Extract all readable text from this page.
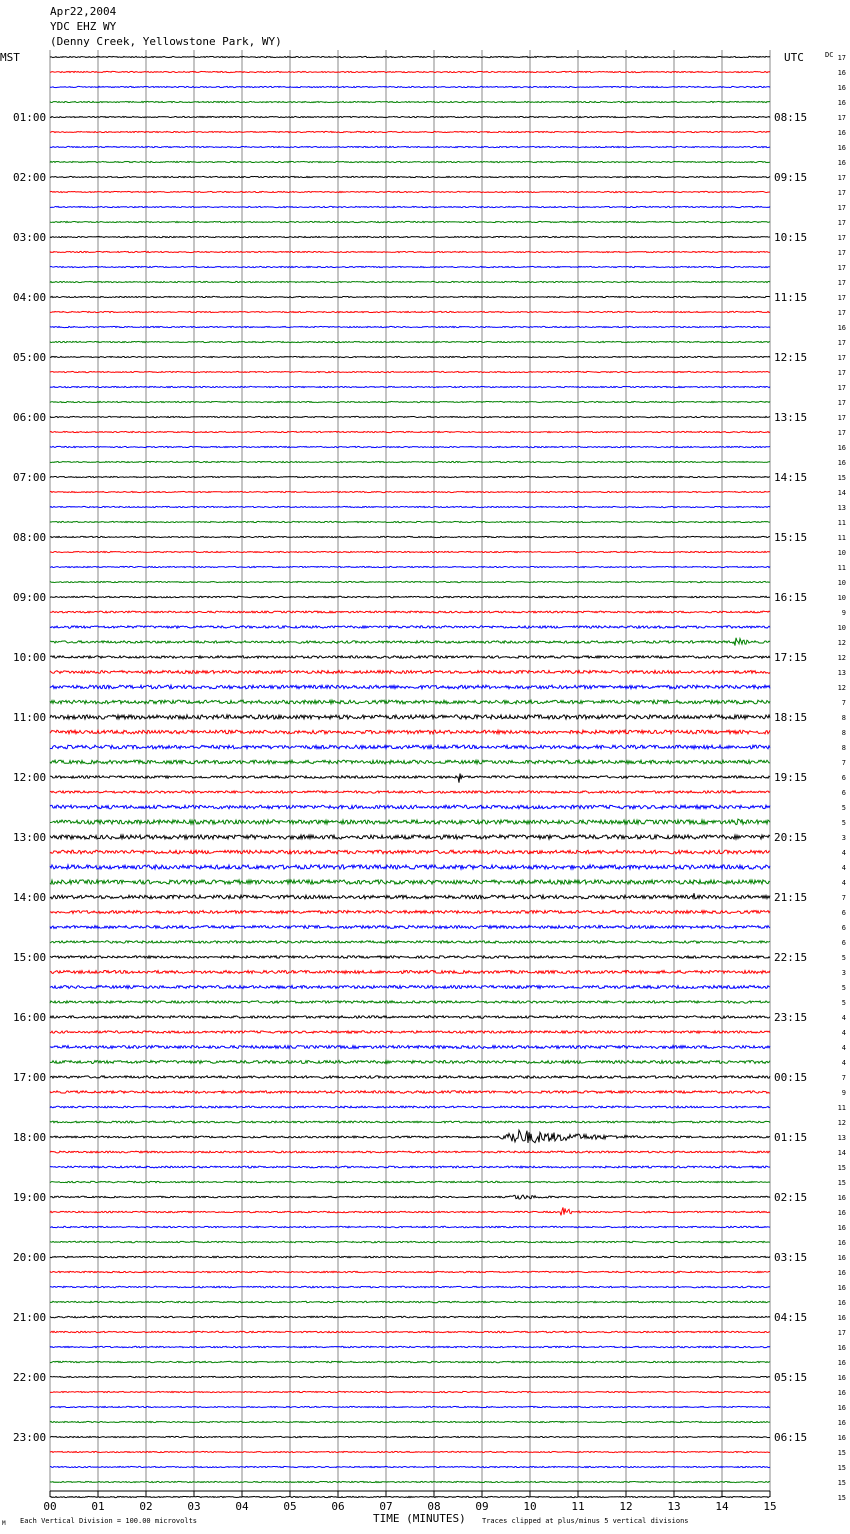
Apr22,2004
YDC EHZ WY
(Denny Creek, Yellowstone Park, WY)
00	01	02	03	04	05	06	07	08	09	10	11	12	13	14	15
01:00
02:00
03:00
04:00
05:00
06:00
07:00
08:00
09:00
10:00
11:00
12:00
13:00
14:00
15:00
16:00
17:00
18:00
19:00
20:00
21:00
22:00
23:00
08:15
09:15
10:15
11:15
12:15
13:15
14:15
15:15
16:15
17:15
18:15
19:15
20:15
21:15
22:15
23:15
00:15
01:15
02:15
03:15
04:15
05:15
06:15
17
16
16
16
17
16
16
16
17
17
17
17
17
17
17
17
17
17
16
17
17
17
17
17
17
17
16
16
15
14
13
11
11
10
11
10
10
9
10
12
12
13
12
7
8
8
8
7
6
6
5
5
3
4
4
4
7
6
6
6
5
3
5
5
4
4
4
4
7
9
11
12
13
14
15
15
16
16
16
16
16
16
16
16
16
17
16
16
16
16
16
16
16
15
15
15
15
MST	UTC	DC
TIME (MINUTES)
Each Vertical Division = 100.00 microvolts	Traces clipped at plus/minus 5 vertical divisions
M
